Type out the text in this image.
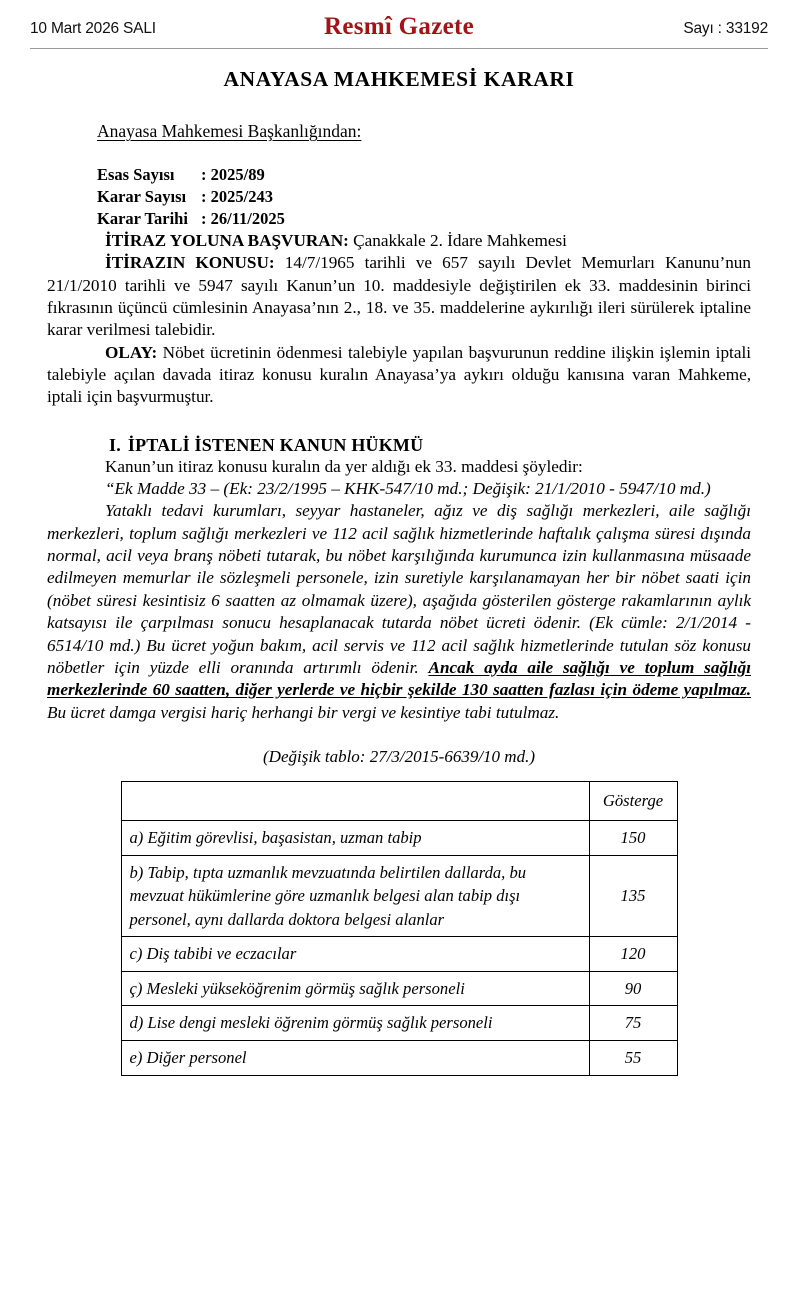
10 Mart 2026 SALI	Resmî Gazete	Sayı : 33192
ANAYASA MAHKEMESİ KARARI
Anayasa Mahkemesi Başkanlığından:
Esas Sayısı : 2025/89
Karar Sayısı : 2025/243
Karar Tarihi : 26/11/2025

İTİRAZ YOLUNA BAŞVURAN: Çanakkale 2. İdare Mahkemesi

İTİRAZIN KONUSU: 14/7/1965 tarihli ve 657 sayılı Devlet Memurları Kanunu’nun 21/1/2010 tarihli ve 5947 sayılı Kanun’un 10. maddesiyle değiştirilen ek 33. maddesinin birinci fıkrasının üçüncü cümlesinin Anayasa’nın 2., 18. ve 35. maddelerine aykırılığı ileri sürülerek iptaline karar verilmesi talebidir.

OLAY: Nöbet ücretinin ödenmesi talebiyle yapılan başvurunun reddine ilişkin işlemin iptali talebiyle açılan davada itiraz konusu kuralın Anayasa’ya aykırı olduğu kanısına varan Mahkeme, iptali için başvurmuştur.

I. İPTALİ İSTENEN KANUN HÜKMÜ

Kanun’un itiraz konusu kuralın da yer aldığı ek 33. maddesi şöyledir:

“Ek Madde 33 – (Ek: 23/2/1995 – KHK-547/10 md.; Değişik: 21/1/2010 - 5947/10 md.)

Yataklı tedavi kurumları, seyyar hastaneler, ağız ve diş sağlığı merkezleri, aile sağlığı merkezleri, toplum sağlığı merkezleri ve 112 acil sağlık hizmetlerinde haftalık çalışma süresi dışında normal, acil veya branş nöbeti tutarak, bu nöbet karşılığında kurumunca izin kullanmasına müsaade edilmeyen memurlar ile sözleşmeli personele, izin suretiyle karşılanamayan her bir nöbet saati için (nöbet süresi kesintisiz 6 saatten az olmamak üzere), aşağıda gösterilen gösterge rakamlarının aylık katsayısı ile çarpılması sonucu hesaplanacak tutarda nöbet ücreti ödenir. (Ek cümle: 2/1/2014 - 6514/10 md.) Bu ücret yoğun bakım, acil servis ve 112 acil sağlık hizmetlerinde tutulan söz konusu nöbetler için yüzde elli oranında artırımlı ödenir. Ancak ayda aile sağlığı ve toplum sağlığı merkezlerinde 60 saatten, diğer yerlerde ve hiçbir şekilde 130 saatten fazlası için ödeme yapılmaz. Bu ücret damga vergisi hariç herhangi bir vergi ve kesintiye tabi tutulmaz.

(Değişik tablo: 27/3/2015-6639/10 md.)
	Gösterge
a) Eğitim görevlisi, başasistan, uzman tabip	150
b) Tabip, tıpta uzmanlık mevzuatında belirtilen dallarda, bu mevzuat hükümlerine göre uzmanlık belgesi alan tabip dışı personel, aynı dallarda doktora belgesi alanlar	135
c) Diş tabibi ve eczacılar	120
ç) Mesleki yükseköğrenim görmüş sağlık personeli	90
d) Lise dengi mesleki öğrenim görmüş sağlık personeli	75
e) Diğer personel	55
